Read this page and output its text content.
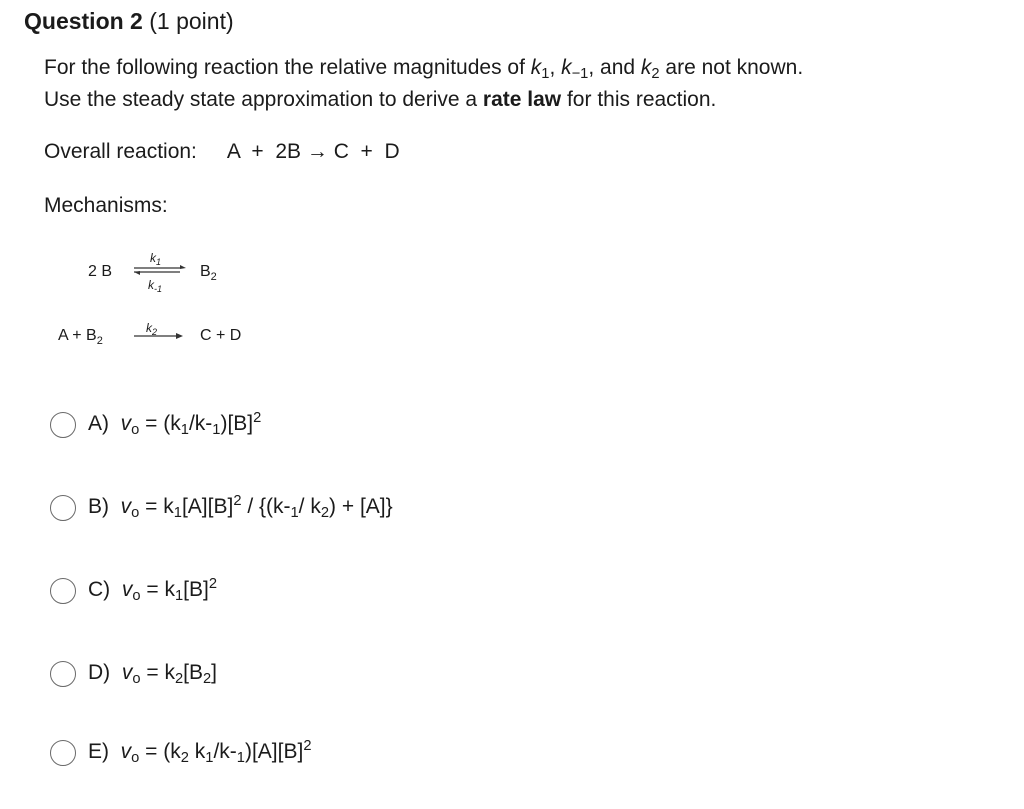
Question 2 (1 point)
For the following reaction the relative magnitudes of $k_1$, $k_{-1}$, and $k_2$ are not known.
Use the steady state approximation to derive a rate law for this reaction.
Overall reaction: A  +  2B → C  +  D
Mechanisms:
2 B
$k_1$
$k_{-1}$
$B_2$
$A + B_2$
$k_2$	C + D
A) $v_o = (k_1/k-_1)[B]^2$
B) $v_o = k_1[A][B]^2 / \{(k-_1/$ $k_2) + [A]$}
C) $v_o = k_1[B]^2$
D) $v_o = k_2[B_2]$
E) $v_o = (k_2$ $k_1/k-_1)[A][B]^2$
